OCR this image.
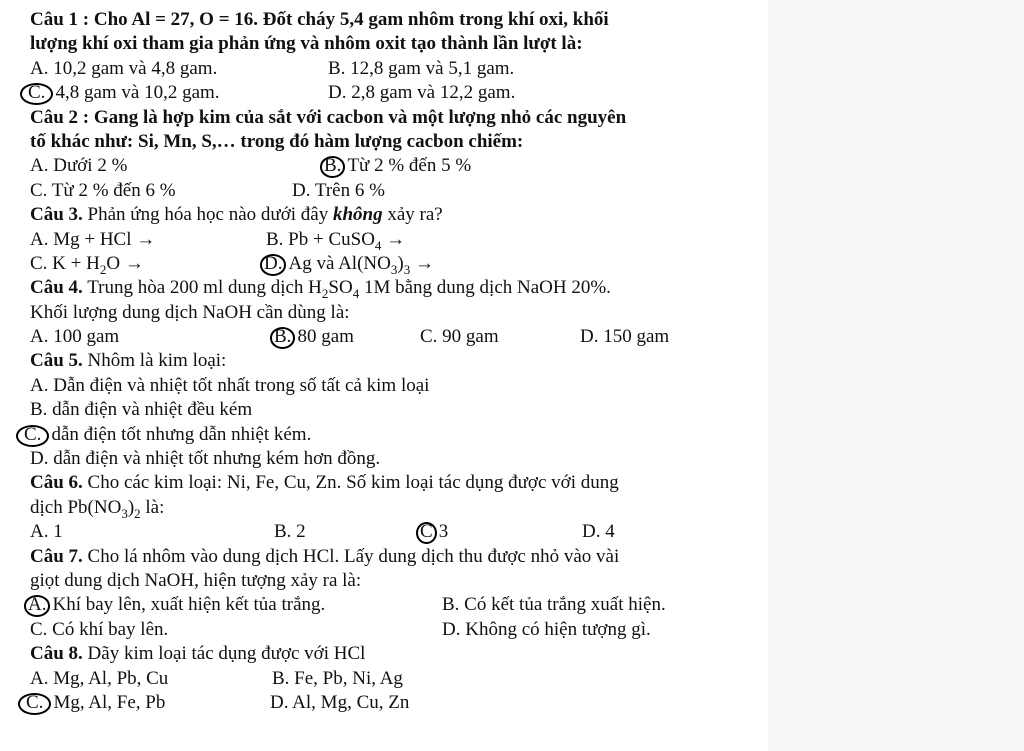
Câu 1 : Cho Al = 27, O = 16. Đốt cháy 5,4 gam nhôm trong khí oxi, khối
lượng khí oxi tham gia phản ứng và nhôm oxit tạo thành lần lượt là:
A. 10,2 gam và 4,8 gam.	B. 12,8 gam và 5,1 gam.
C. 4,8 gam và 10,2 gam.	D. 2,8 gam và 12,2 gam.
Câu 2 : Gang là hợp kim của sắt với cacbon và một lượng nhỏ các nguyên
tố khác như: Si, Mn, S,… trong đó hàm lượng cacbon chiếm:
A. Dưới 2 %	B. Từ 2 % đến 5 %
C. Từ 2 % đến 6 %	D. Trên 6 %
Câu 3. Phản ứng hóa học nào dưới đây không xảy ra?
A. Mg + HCl →	B. Pb + CuSO$_4$ →
C. $K + H_2O$ →	D. Ag và $Al(NO_3)_3$ →
Câu 4. Trung hòa 200 ml dung dịch $H_2SO_4$ 1M bằng dung dịch NaOH 20%.
Khối lượng dung dịch NaOH cần dùng là:
A. 100 gam	B. 80 gam	C. 90 gam	D. 150 gam
Câu 5. Nhôm là kim loại:
A. Dẫn điện và nhiệt tốt nhất trong số tất cả kim loại
B. dẫn điện và nhiệt đều kém
C. dẫn điện tốt nhưng dẫn nhiệt kém.
D. dẫn điện và nhiệt tốt nhưng kém hơn đồng.
Câu 6. Cho các kim loại: Ni, Fe, Cu, Zn. Số kim loại tác dụng được với dung
dịch $Pb(NO_3)_2$ là:
A. 1	B. 2	C 3	D. 4
Câu 7. Cho lá nhôm vào dung dịch HCl. Lấy dung dịch thu được nhỏ vào vài
giọt dung dịch NaOH, hiện tượng xảy ra là:
A. Khí bay lên, xuất hiện kết tủa trắng.	B. Có kết tủa trắng xuất hiện.
C. Có khí bay lên.	D. Không có hiện tượng gì.
Câu 8. Dãy kim loại tác dụng được với HCl
A. Mg, Al, Pb, Cu	B. Fe, Pb, Ni, Ag
C. Mg, Al, Fe, Pb	D. Al, Mg, Cu, Zn
